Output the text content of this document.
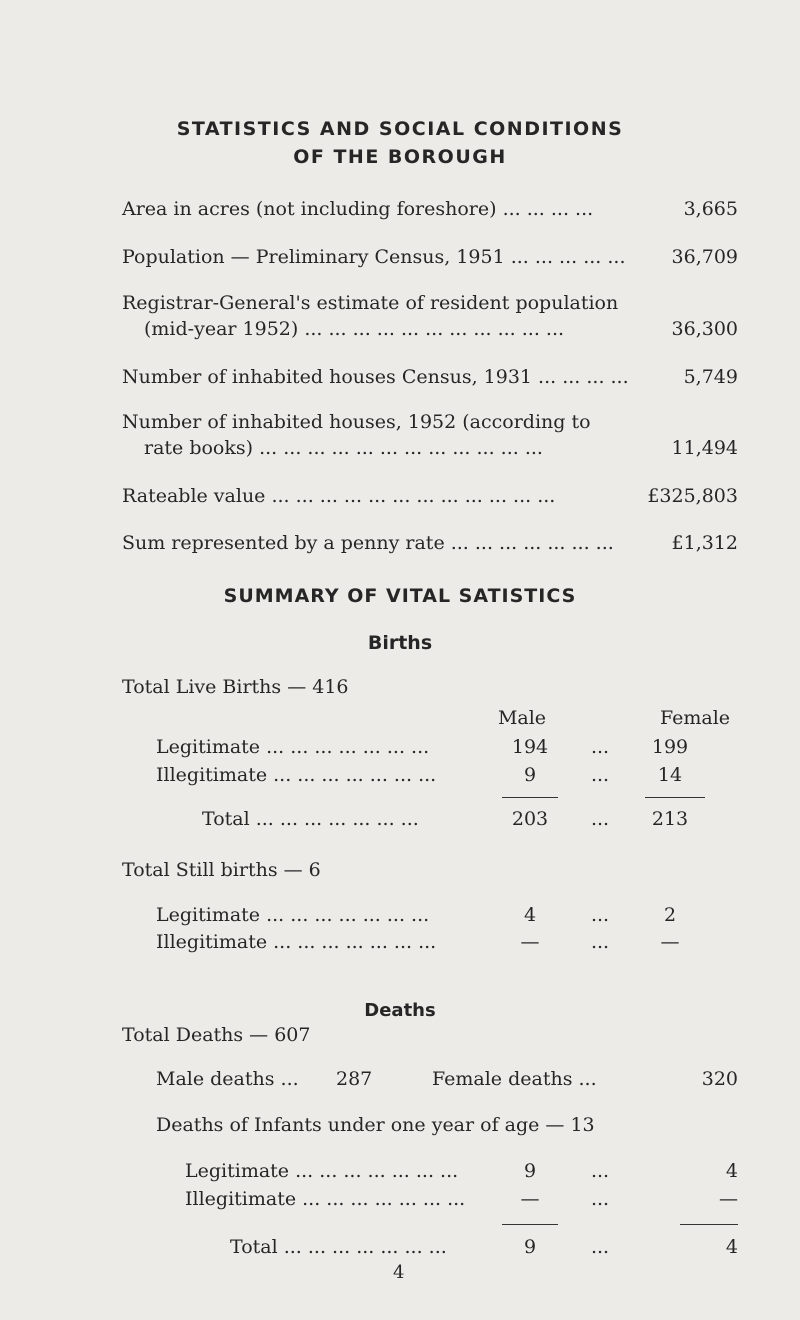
STATISTICS AND SOCIAL CONDITIONS
OF THE BOROUGH
Area in acres (not including foreshore) ... ... ... ...	3,665
Population — Preliminary Census, 1951 ... ... ... ... ...	36,709
Registrar-General's estimate of resident population
(mid-year 1952) ... ... ... ... ... ... ... ... ... ... ...	36,300
Number of inhabited houses Census, 1931 ... ... ... ...	5,749
Number of inhabited houses, 1952 (according to
rate books) ... ... ... ... ... ... ... ... ... ... ... ...	11,494
Rateable value ... ... ... ... ... ... ... ... ... ... ... ...	£325,803
Sum represented by a penny rate ... ... ... ... ... ... ...	£1,312
SUMMARY OF VITAL SATISTICS
Births
Total Live Births — 416
Male	Female
Legitimate ... ... ... ... ... ... ...	194	...	199
Illegitimate ... ... ... ... ... ... ...	9	...	14
Total ... ... ... ... ... ... ...	203	...	213
Total Still births — 6
Legitimate ... ... ... ... ... ... ...	4	...	2
Illegitimate ... ... ... ... ... ... ...	—	...	—
Deaths
Total Deaths — 607
Male deaths ... 287	Female deaths ...	320
Deaths of Infants under one year of age — 13
Legitimate ... ... ... ... ... ... ...	9	...	4
Illegitimate ... ... ... ... ... ... ...	—	...	—
Total ... ... ... ... ... ... ...	9	...	4
4
